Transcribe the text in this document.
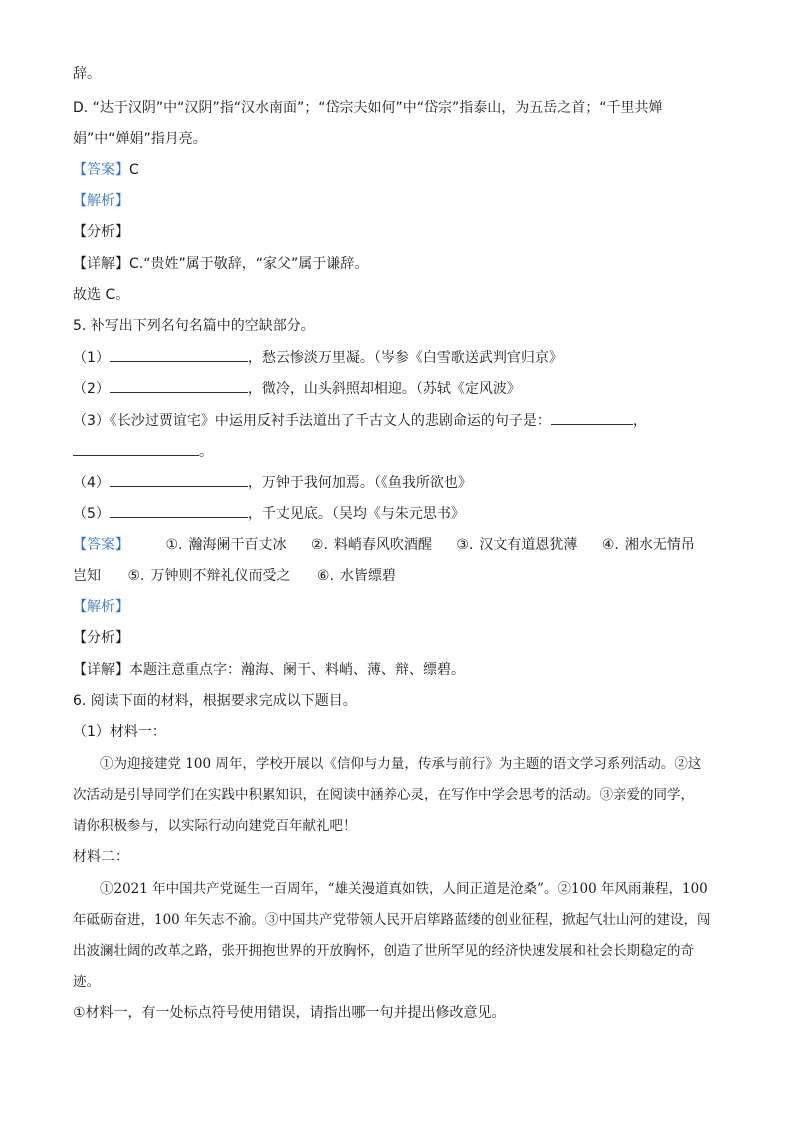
辞。
D. “达于汉阴”中“汉阴”指“汉水南面”；“岱宗夫如何”中“岱宗”指泰山，为五岳之首；“千里共婵
娟”中“婵娟”指月亮。
【答案】C
【解析】
【分析】
【详解】C.“贵姓”属于敬辞，“家父”属于谦辞。
故选 C。
5. 补写出下列名句名篇中的空缺部分。
（1）	，愁云惨淡万里凝。（岑参《白雪歌送武判官归京》
（2）	，微冷，山头斜照却相迎。（苏轼《定风波》
（3）《长沙过贾谊宅》中运用反衬手法道出了千古文人的悲剧命运的句子是：	，
。
（4）	，万钟于我何加焉。（《鱼我所欲也》
（5）	，千丈见底。（吴均《与朱元思书》
【答案】	①. 瀚海阑干百丈冰 ②. 料峭春风吹酒醒 ③. 汉文有道恩犹薄 ④. 湘水无情吊
岂知 ⑤. 万钟则不辩礼仪而受之 ⑥. 水皆缥碧
【解析】
【分析】
【详解】本题注意重点字：瀚海、阑干、料峭、薄、辩、缥碧。
6. 阅读下面的材料，根据要求完成以下题目。
（1）材料一：
①为迎接建党 100 周年，学校开展以《信仰与力量，传承与前行》为主题的语文学习系列活动。②这
次活动是引导同学们在实践中积累知识，在阅读中涵养心灵，在写作中学会思考的活动。③亲爱的同学，
请你积极参与，以实际行动向建党百年献礼吧！
材料二：
①2021 年中国共产党诞生一百周年，“雄关漫道真如铁，人间正道是沧桑”。②100 年风雨兼程，100
年砥砺奋进，100 年矢志不渝。③中国共产党带领人民开启筚路蓝缕的创业征程，掀起气壮山河的建设，闯
出波澜壮阔的改革之路，张开拥抱世界的开放胸怀，创造了世所罕见的经济快速发展和社会长期稳定的奇
迹。
①材料一，有一处标点符号使用错误，请指出哪一句并提出修改意见。
